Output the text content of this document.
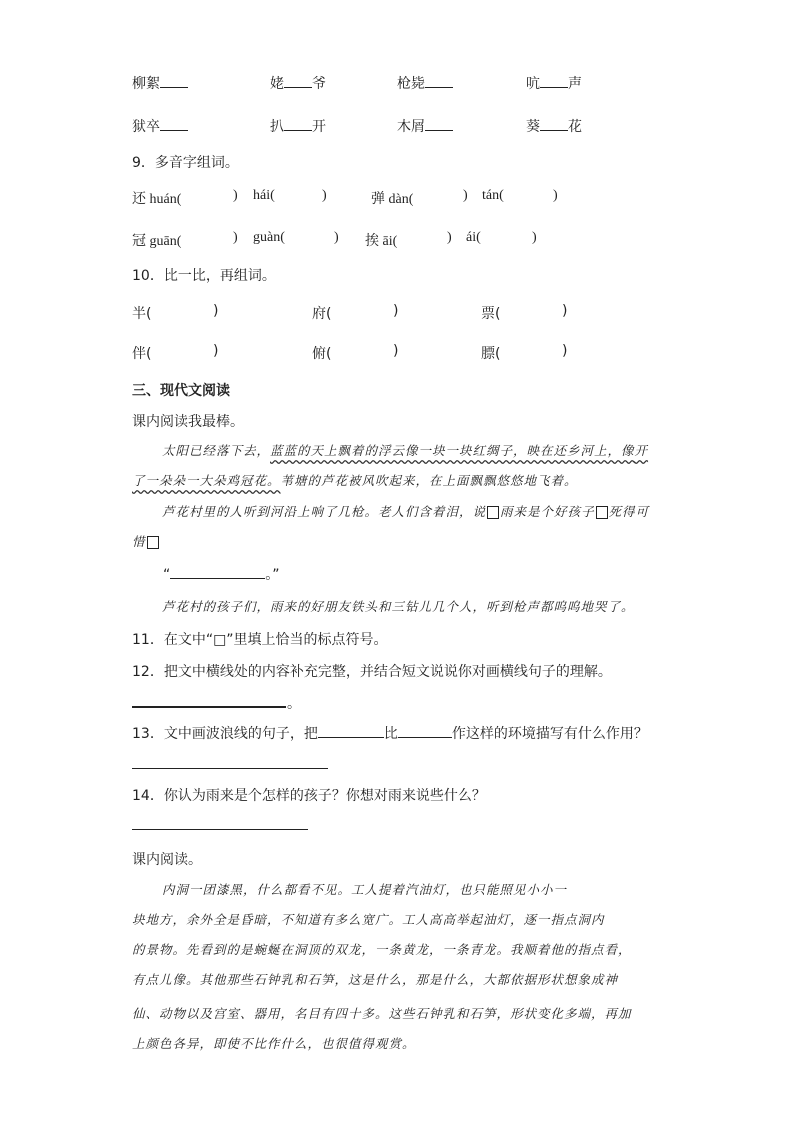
柳絮	姥 爷	枪毙	吭 声
狱卒	扒 开	木屑	葵 花
9．多音字组词。
还 huán(	) hái(	)	弹 dàn(	) tán(	)
冠 guān(	) guàn(	) 挨 āi(	) ái(	)
10．比一比，再组词。
半(	)	府(	)	票(	)
伴(	)	俯(	)	膘(	)
三、现代文阅读
课内阅读我最棒。
太阳已经落下去，蓝蓝的天上飘着的浮云像一块一块红绸子，映在还乡河上，像开了一朵朵一大朵鸡冠花。苇塘的芦花被风吹起来，在上面飘飘悠悠地飞着。
芦花村里的人听到河沿上响了几枪。老人们含着泪，说 雨来是个好孩子 死得可惜
“	。”
芦花村的孩子们，雨来的好朋友铁头和三钻儿几个人，听到枪声都呜呜地哭了。
11．在文中“□”里填上恰当的标点符号。
12．把文中横线处的内容补充完整，并结合短文说说你对画横线句子的理解。
。
13．文中画波浪线的句子，把	比	作这样的环境描写有什么作用？
14．你认为雨来是个怎样的孩子？你想对雨来说些什么？
课内阅读。
内洞一团漆黑，什么都看不见。工人提着汽油灯，也只能照见小小一
块地方，余外全是昏暗，不知道有多么宽广。工人高高举起油灯，逐一指点洞内
的景物。先看到的是蜿蜒在洞顶的双龙，一条黄龙，一条青龙。我顺着他的指点看，
有点儿像。其他那些石钟乳和石笋，这是什么，那是什么，大都依据形状想象成神
仙、动物以及宫室、器用，名目有四十多。这些石钟乳和石笋，形状变化多端，再加
上颜色各异，即使不比作什么，也很值得观赏。
